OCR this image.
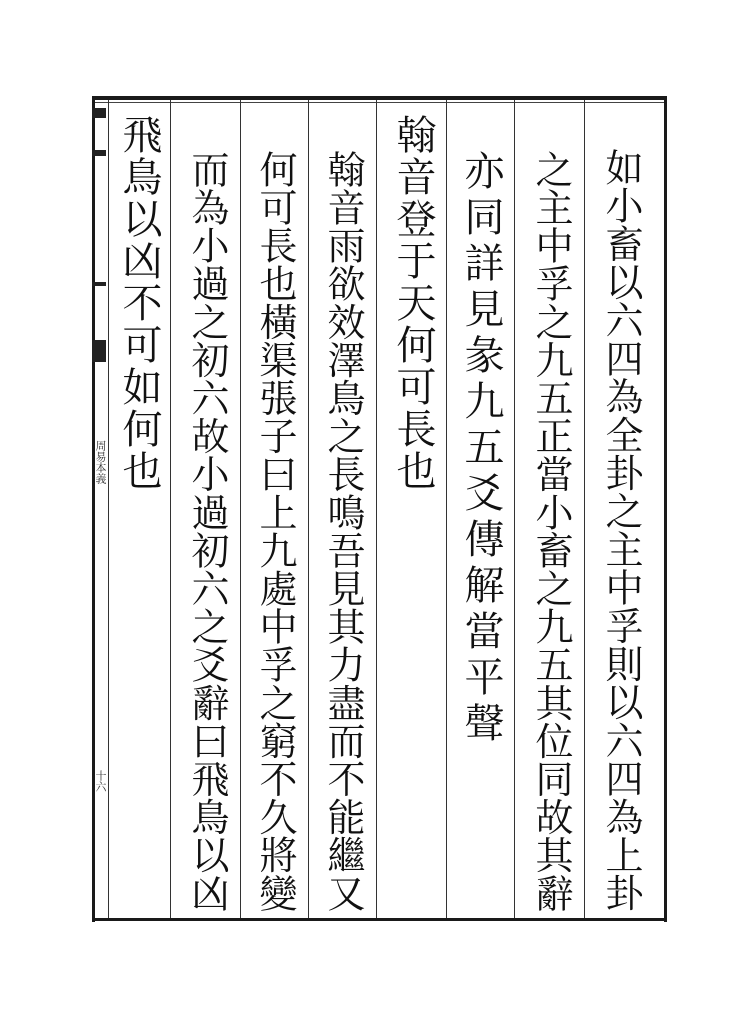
周易本義
十六	如小畜以六四為全卦之主中孚則以六四為上卦
之主中孚之九五正當小畜之九五其位同故其辭
亦同詳見彖九五爻傳解當平聲
翰音登于天何可長也
翰音雨欲效澤鳥之長鳴吾見其力盡而不能繼又
何可長也橫渠張子曰上九處中孚之窮不久將變
而為小過之初六故小過初六之爻辭曰飛鳥以凶
飛鳥以凶不可如何也
